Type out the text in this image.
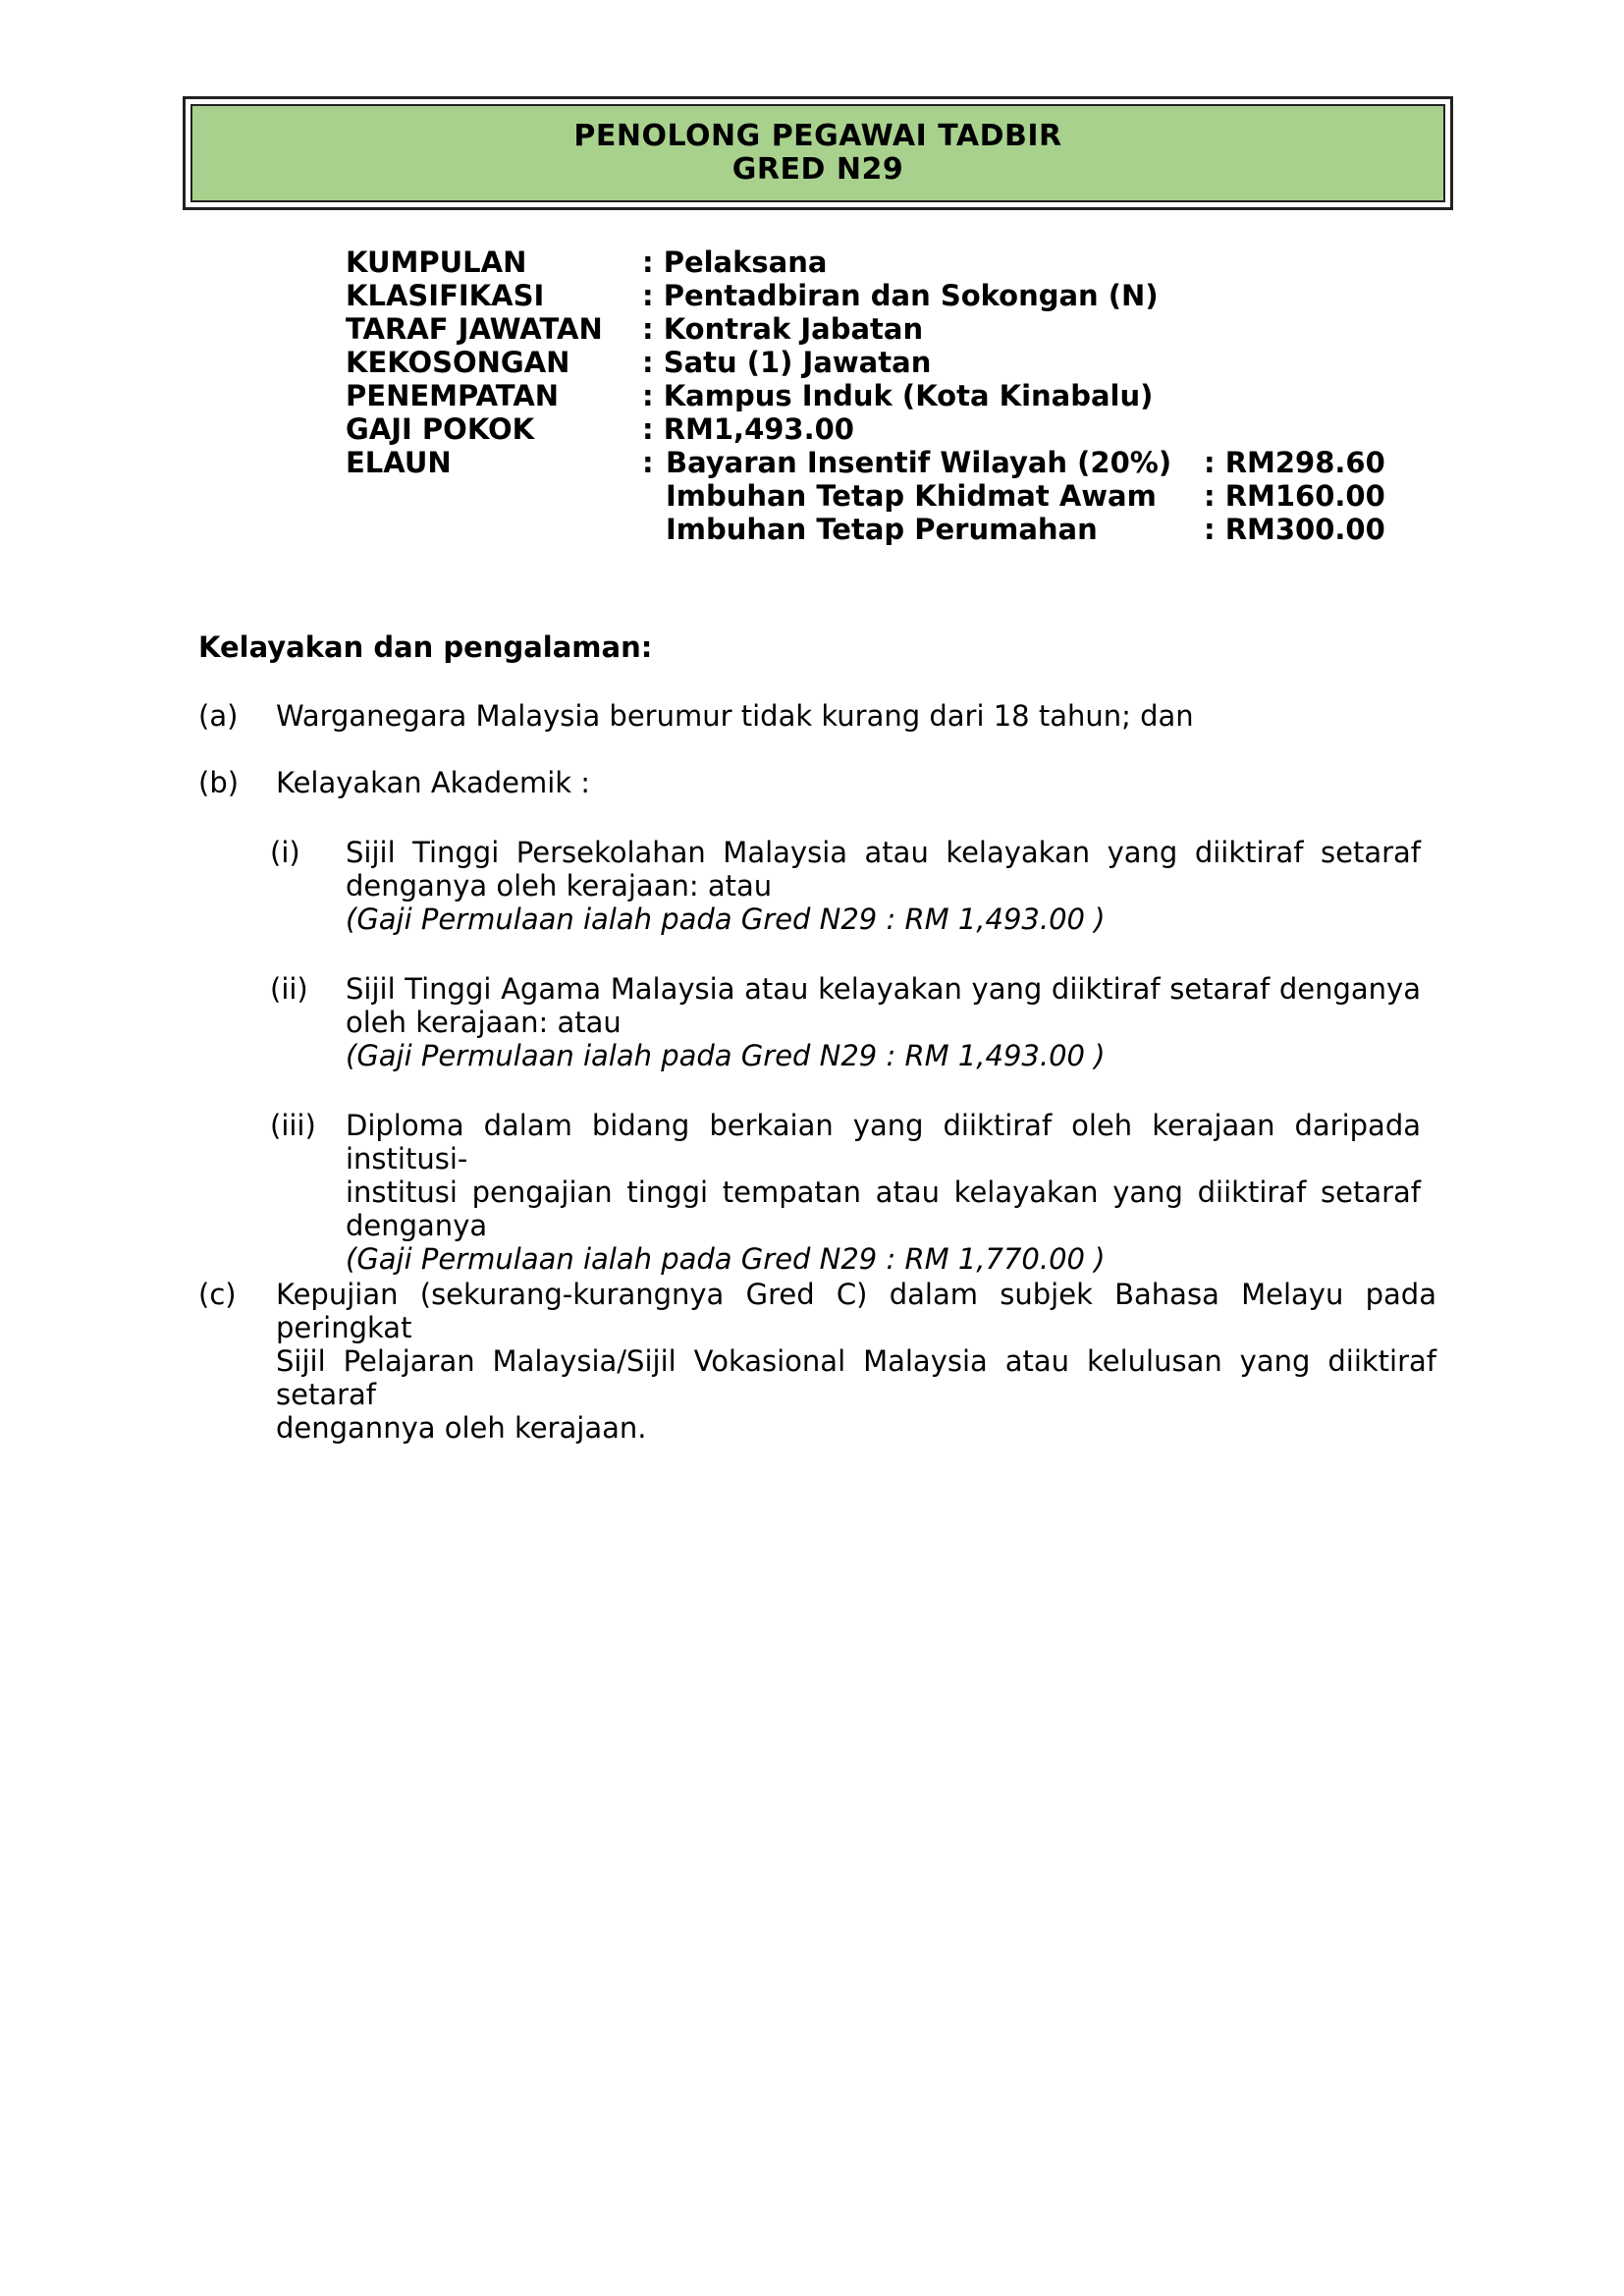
PENOLONG PEGAWAI TADBIR
GRED N29
KUMPULAN	: Pelaksana
KLASIFIKASI	: Pentadbiran dan Sokongan (N)
TARAF JAWATAN : Kontrak Jabatan
KEKOSONGAN	: Satu (1) Jawatan
PENEMPATAN	: Kampus Induk (Kota Kinabalu)
GAJI POKOK	: RM1,493.00
ELAUN	: Bayaran Insentif Wilayah (20%) : RM298.60
Imbuhan Tetap Khidmat Awam : RM160.00
Imbuhan Tetap Perumahan	: RM300.00
Kelayakan dan pengalaman:
(a) Warganegara Malaysia berumur tidak kurang dari 18 tahun; dan
(b) Kelayakan Akademik :
(i) Sijil Tinggi Persekolahan Malaysia atau kelayakan yang diiktiraf setaraf
denganya oleh kerajaan: atau
(Gaji Permulaan ialah pada Gred N29 : RM 1,493.00 )
(ii) Sijil Tinggi Agama Malaysia atau kelayakan yang diiktiraf setaraf denganya
oleh kerajaan: atau
(Gaji Permulaan ialah pada Gred N29 : RM 1,493.00 )
(iii) Diploma dalam bidang berkaian yang diiktiraf oleh kerajaan daripada institusi-
institusi pengajian tinggi tempatan atau kelayakan yang diiktiraf setaraf
denganya
(Gaji Permulaan ialah pada Gred N29 : RM 1,770.00 )
(c) Kepujian (sekurang-kurangnya Gred C) dalam subjek Bahasa Melayu pada peringkat
Sijil Pelajaran Malaysia/Sijil Vokasional Malaysia atau kelulusan yang diiktiraf setaraf
dengannya oleh kerajaan.
